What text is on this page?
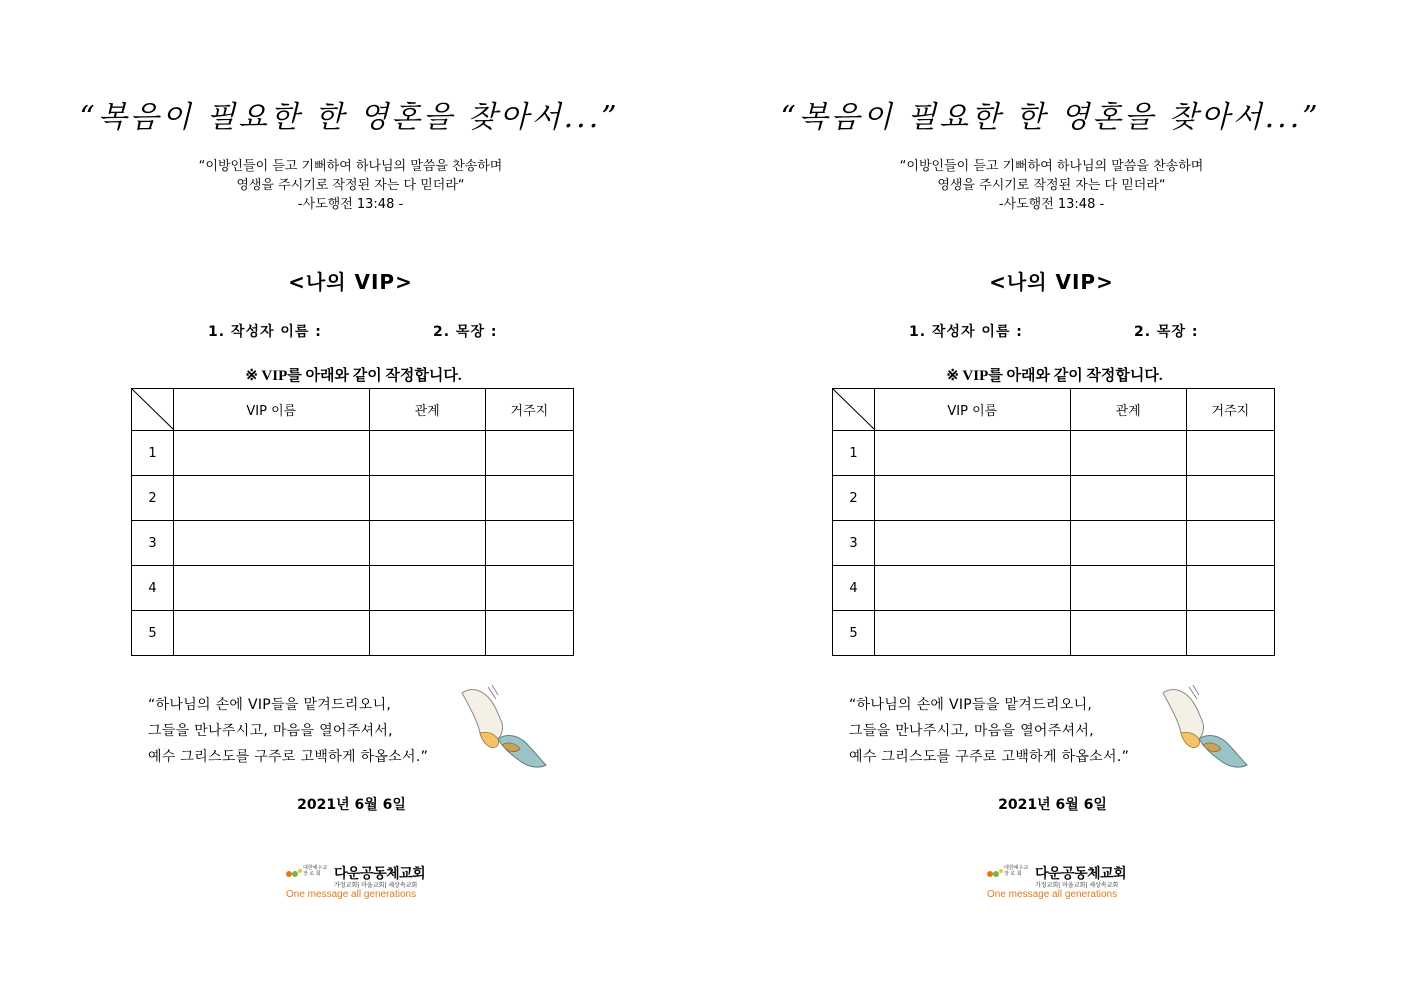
“복음이 필요한 한 영혼을 찾아서...”
“이방인들이 듣고 기뻐하여 하나님의 말씀을 찬송하며
영생을 주시기로 작정된 자는 다 믿더라“
-사도행전 13:48 -
<나의 VIP>
1. 작성자 이름 :	2. 목장 :
※ VIP를 아래와 같이 작정합니다.
	VIP 이름	관계	거주지
1			
2			
3			
4			
5			
“하나님의 손에 VIP들을 맡겨드리오니,
그들을 만나주시고, 마음을 열어주셔서,
예수 그리스도를 구주로 고백하게 하옵소서.”
2021년 6월 6일
대한예수교 장 로 회 다운공동체교회
가정교회| 마을교회| 세상속교회
One message all generations
“복음이 필요한 한 영혼을 찾아서...”
“이방인들이 듣고 기뻐하여 하나님의 말씀을 찬송하며
영생을 주시기로 작정된 자는 다 믿더라“
-사도행전 13:48 -
<나의 VIP>
1. 작성자 이름 :	2. 목장 :
※ VIP를 아래와 같이 작정합니다.
	VIP 이름	관계	거주지
1			
2			
3			
4			
5			
“하나님의 손에 VIP들을 맡겨드리오니,
그들을 만나주시고, 마음을 열어주셔서,
예수 그리스도를 구주로 고백하게 하옵소서.”
2021년 6월 6일
대한예수교 장 로 회 다운공동체교회
가정교회| 마을교회| 세상속교회
One message all generations
